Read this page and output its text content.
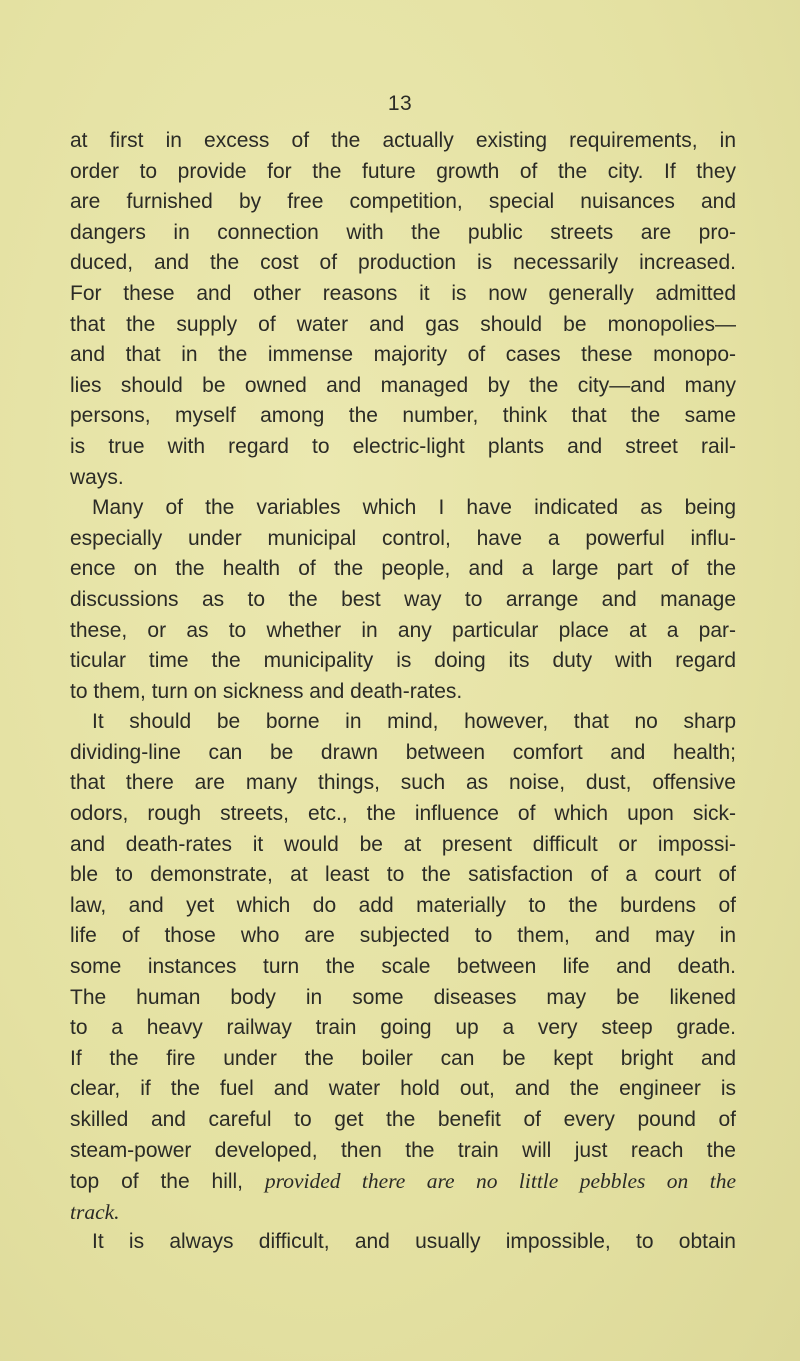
13
at first in excess of the actually existing requirements, in
order to provide for the future growth of the city. If they
are furnished by free competition, special nuisances and
dangers in connection with the public streets are pro-
duced, and the cost of production is necessarily increased.
For these and other reasons it is now generally admitted
that the supply of water and gas should be monopolies—
and that in the immense majority of cases these monopo-
lies should be owned and managed by the city—and many
persons, myself among the number, think that the same
is true with regard to electric-light plants and street rail-
ways.
Many of the variables which I have indicated as being
especially under municipal control, have a powerful influ-
ence on the health of the people, and a large part of the
discussions as to the best way to arrange and manage
these, or as to whether in any particular place at a par-
ticular time the municipality is doing its duty with regard
to them, turn on sickness and death-rates.
It should be borne in mind, however, that no sharp
dividing-line can be drawn between comfort and health;
that there are many things, such as noise, dust, offensive
odors, rough streets, etc., the influence of which upon sick-
and death-rates it would be at present difficult or impossi-
ble to demonstrate, at least to the satisfaction of a court of
law, and yet which do add materially to the burdens of
life of those who are subjected to them, and may in
some instances turn the scale between life and death.
The human body in some diseases may be likened
to a heavy railway train going up a very steep grade.
If the fire under the boiler can be kept bright and
clear, if the fuel and water hold out, and the engineer is
skilled and careful to get the benefit of every pound of
steam-power developed, then the train will just reach the
top of the hill, provided there are no little pebbles on the
track.
It is always difficult, and usually impossible, to obtain
